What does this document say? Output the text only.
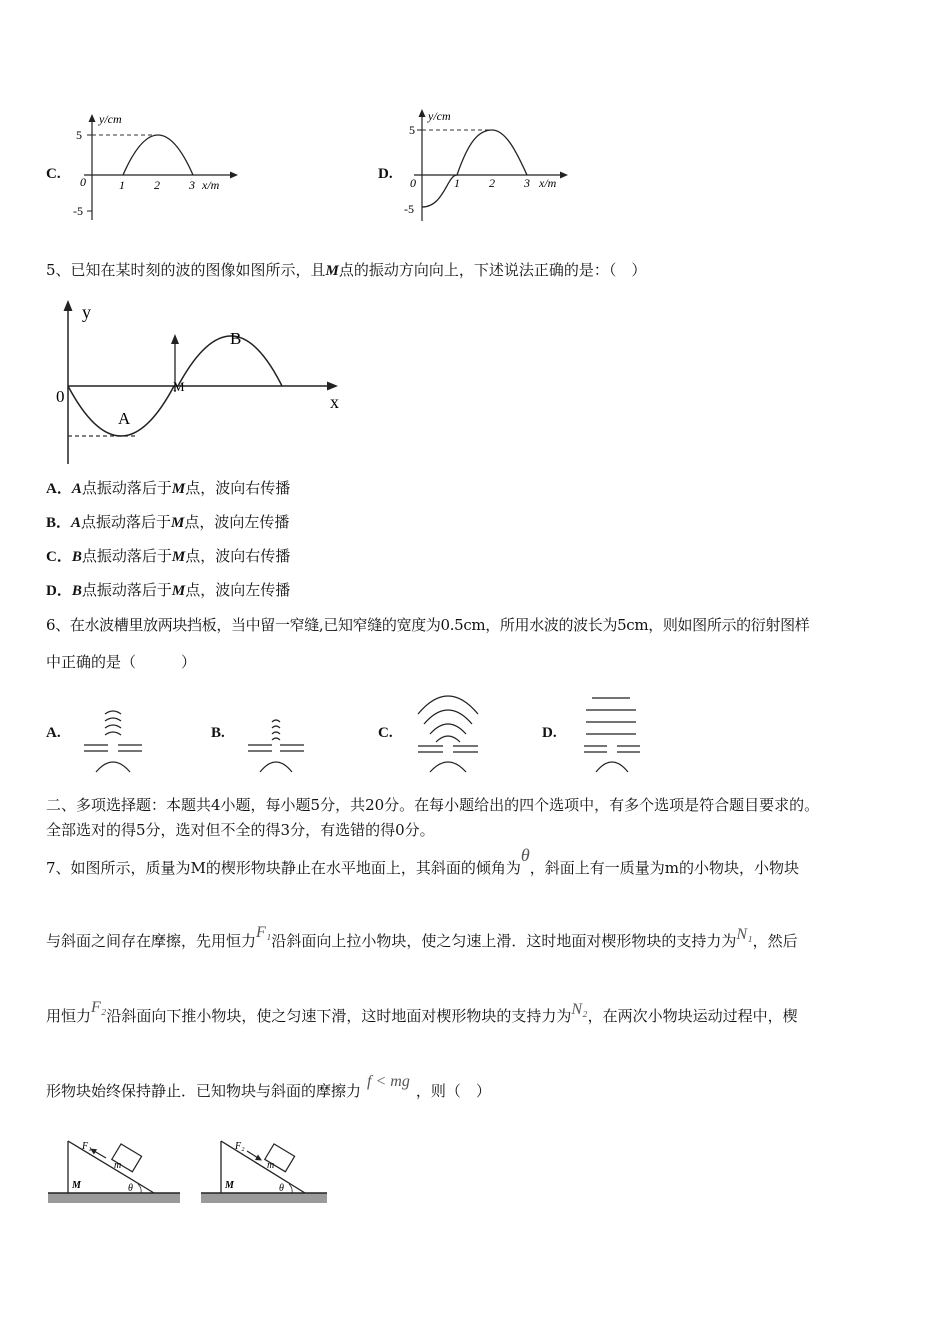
C.
y/cm
5
-5
0	1 2 3 x/m
D.
y/cm
5
-5
0	1 2 3 x/m
5、已知在某时刻的波的图像如图所示，且M点的振动方向向上，下述说法正确的是：（　）
y
x
0
A
B
M
A．A点振动落后于M点，波向右传播
B．A点振动落后于M点，波向左传播
C．B点振动落后于M点，波向右传播
D．B点振动落后于M点，波向左传播
6、在水波槽里放两块挡板，当中留一窄缝,已知窄缝的宽度为0.5cm，所用水波的波长为5cm，则如图所示的衍射图样
中正确的是（　　　）
A.	B.	C.	D.
二、多项选择题：本题共4小题，每小题5分，共20分。在每小题给出的四个选项中，有多个选项是符合题目要求的。
全部选对的得5分，选对但不全的得3分，有选错的得0分。
7、如图所示，质量为M的楔形物块静止在水平地面上，其斜面的倾角为θ，斜面上有一质量为m的小物块，小物块
与斜面之间存在摩擦，先用恒力F₁沿斜面向上拉小物块，使之匀速上滑．这时地面对楔形物块的支持力为N₁，然后
用恒力F₂沿斜面向下推小物块，使之匀速下滑，这时地面对楔形物块的支持力为N₂，在两次小物块运动过程中，楔
形物块始终保持静止．已知物块与斜面的摩擦力f < mg，则（　）
F₁
m
M	θ
F₂
m
M	θ
